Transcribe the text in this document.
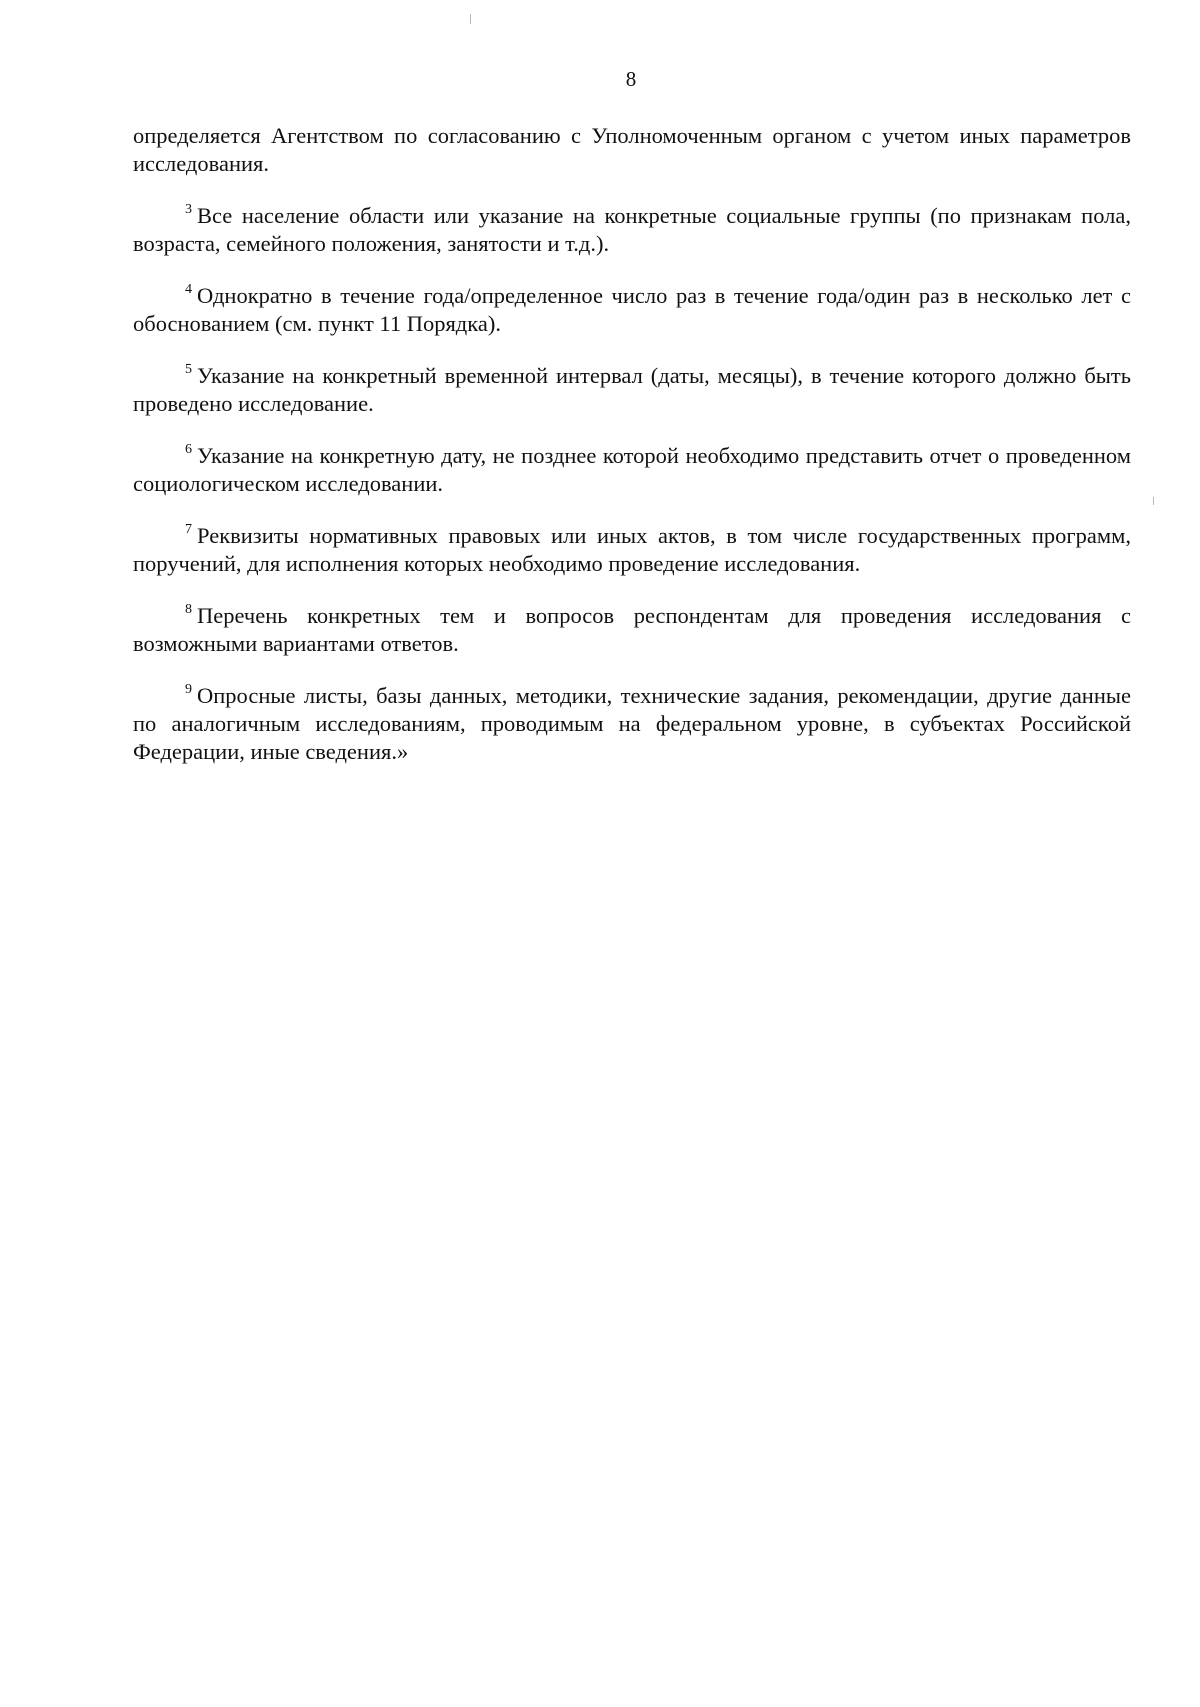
8

определяется Агентством по согласованию с Уполномоченным органом с учетом иных параметров исследования.

$^3$ Все население области или указание на конкретные социальные группы (по признакам пола, возраста, семейного положения, занятости и т.д.).

$^4$ Однократно в течение года/определенное число раз в течение года/один раз в несколько лет с обоснованием (см. пункт 11 Порядка).

$^5$ Указание на конкретный временной интервал (даты, месяцы), в течение которого должно быть проведено исследование.

$^6$ Указание на конкретную дату, не позднее которой необходимо представить отчет о проведенном социологическом исследовании.

$^7$ Реквизиты нормативных правовых или иных актов, в том числе государственных программ, поручений, для исполнения которых необходимо проведение исследования.

$^8$ Перечень конкретных тем и вопросов респондентам для проведения исследования с возможными вариантами ответов.

$^9$ Опросные листы, базы данных, методики, технические задания, рекомендации, другие данные по аналогичным исследованиям, проводимым на федеральном уровне, в субъектах Российской Федерации, иные сведения.»
